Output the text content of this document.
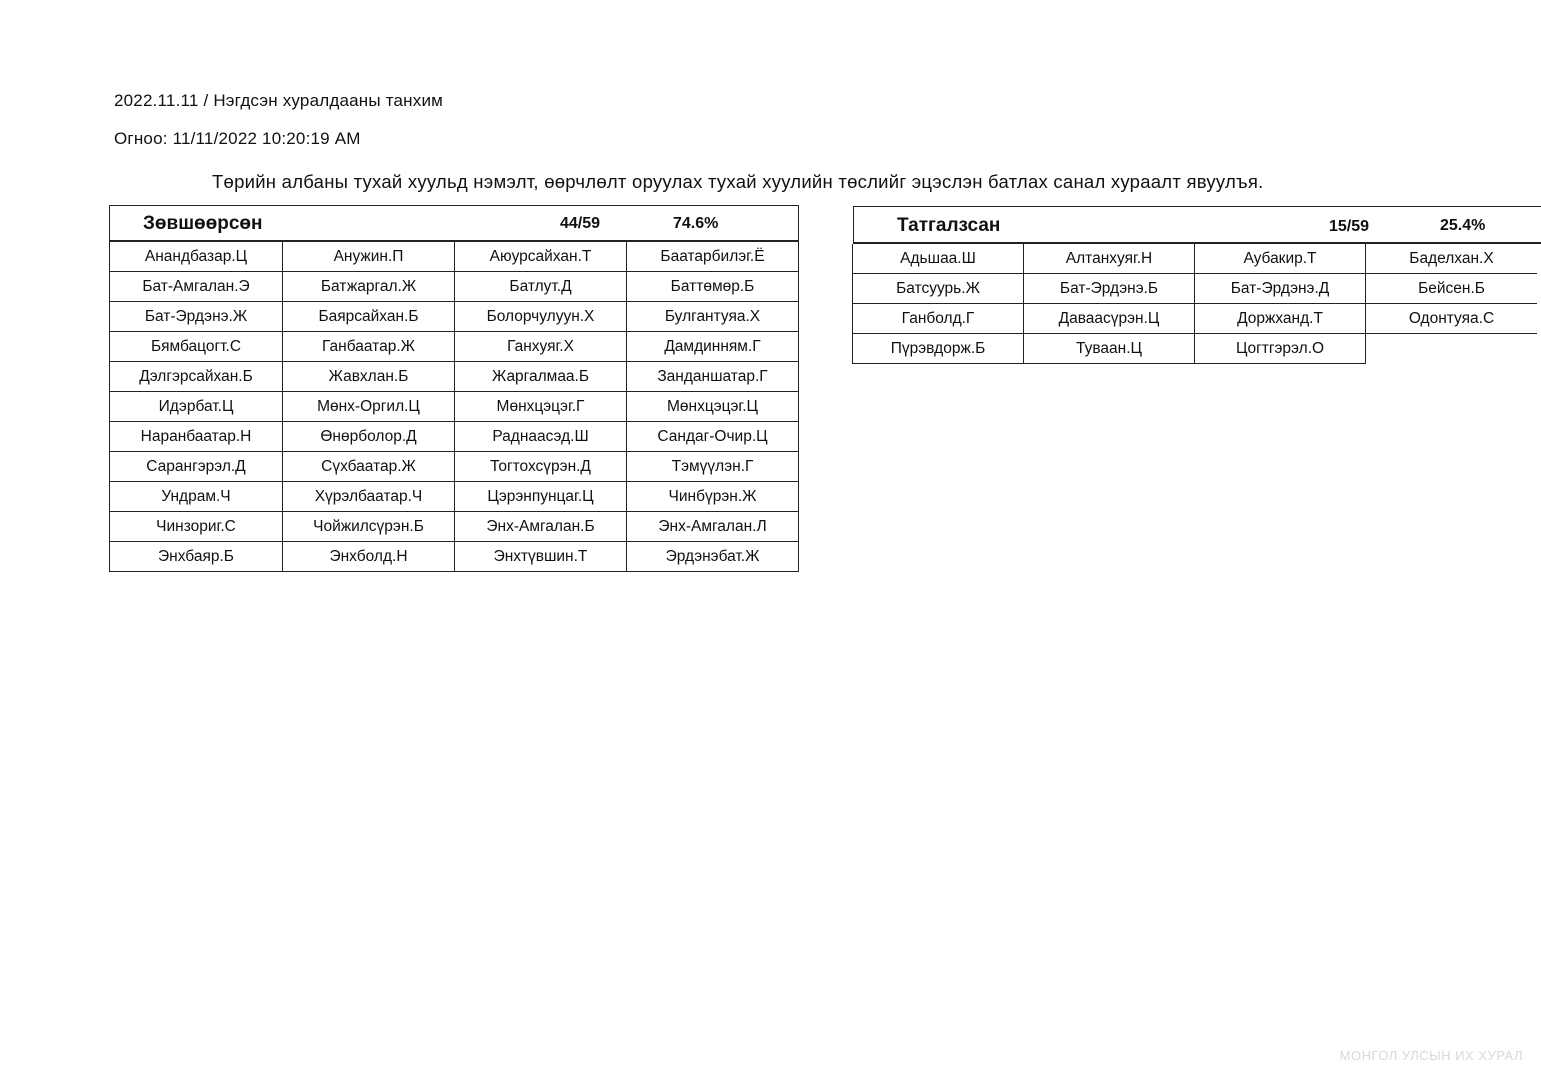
2022.11.11 / Нэгдсэн хуралдааны танхим
Огноо: 11/11/2022 10:20:19 AM
Төрийн албаны тухай хуульд нэмэлт, өөрчлөлт оруулах тухай хуулийн төслийг эцэслэн батлах санал хураалт явуулъя.
Зөвшөөрсөн	44/59	74.6%
Анандбазар.Ц	Анужин.П	Аюурсайхан.Т	Баатарбилэг.Ё
Бат-Амгалан.Э	Батжаргал.Ж	Батлут.Д	Баттөмөр.Б
Бат-Эрдэнэ.Ж	Баярсайхан.Б	Болорчулуун.Х	Булгантуяа.Х
Бямбацогт.С	Ганбаатар.Ж	Ганхуяг.Х	Дамдинням.Г
Дэлгэрсайхан.Б	Жавхлан.Б	Жаргалмаа.Б	Занданшатар.Г
Идэрбат.Ц	Мөнх-Оргил.Ц	Мөнхцэцэг.Г	Мөнхцэцэг.Ц
Наранбаатар.Н	Өнөрболор.Д	Раднаасэд.Ш	Сандаг-Очир.Ц
Сарангэрэл.Д	Сүхбаатар.Ж	Тогтохсүрэн.Д	Тэмүүлэн.Г
Ундрам.Ч	Хүрэлбаатар.Ч	Цэрэнпунцаг.Ц	Чинбүрэн.Ж
Чинзориг.С	Чойжилсүрэн.Б	Энх-Амгалан.Б	Энх-Амгалан.Л
Энхбаяр.Б	Энхболд.Н	Энхтүвшин.Т	Эрдэнэбат.Ж
Татгалзсан	15/59	25.4%
Адьшаа.Ш	Алтанхуяг.Н	Аубакир.Т	Баделхан.Х
Батсуурь.Ж	Бат-Эрдэнэ.Б	Бат-Эрдэнэ.Д	Бейсен.Б
Ганболд.Г	Даваасүрэн.Ц	Доржханд.Т	Одонтуяа.С
Пүрэвдорж.Б	Туваан.Ц	Цогтгэрэл.О
МОНГОЛ УЛСЫН ИХ ХУРАЛ
